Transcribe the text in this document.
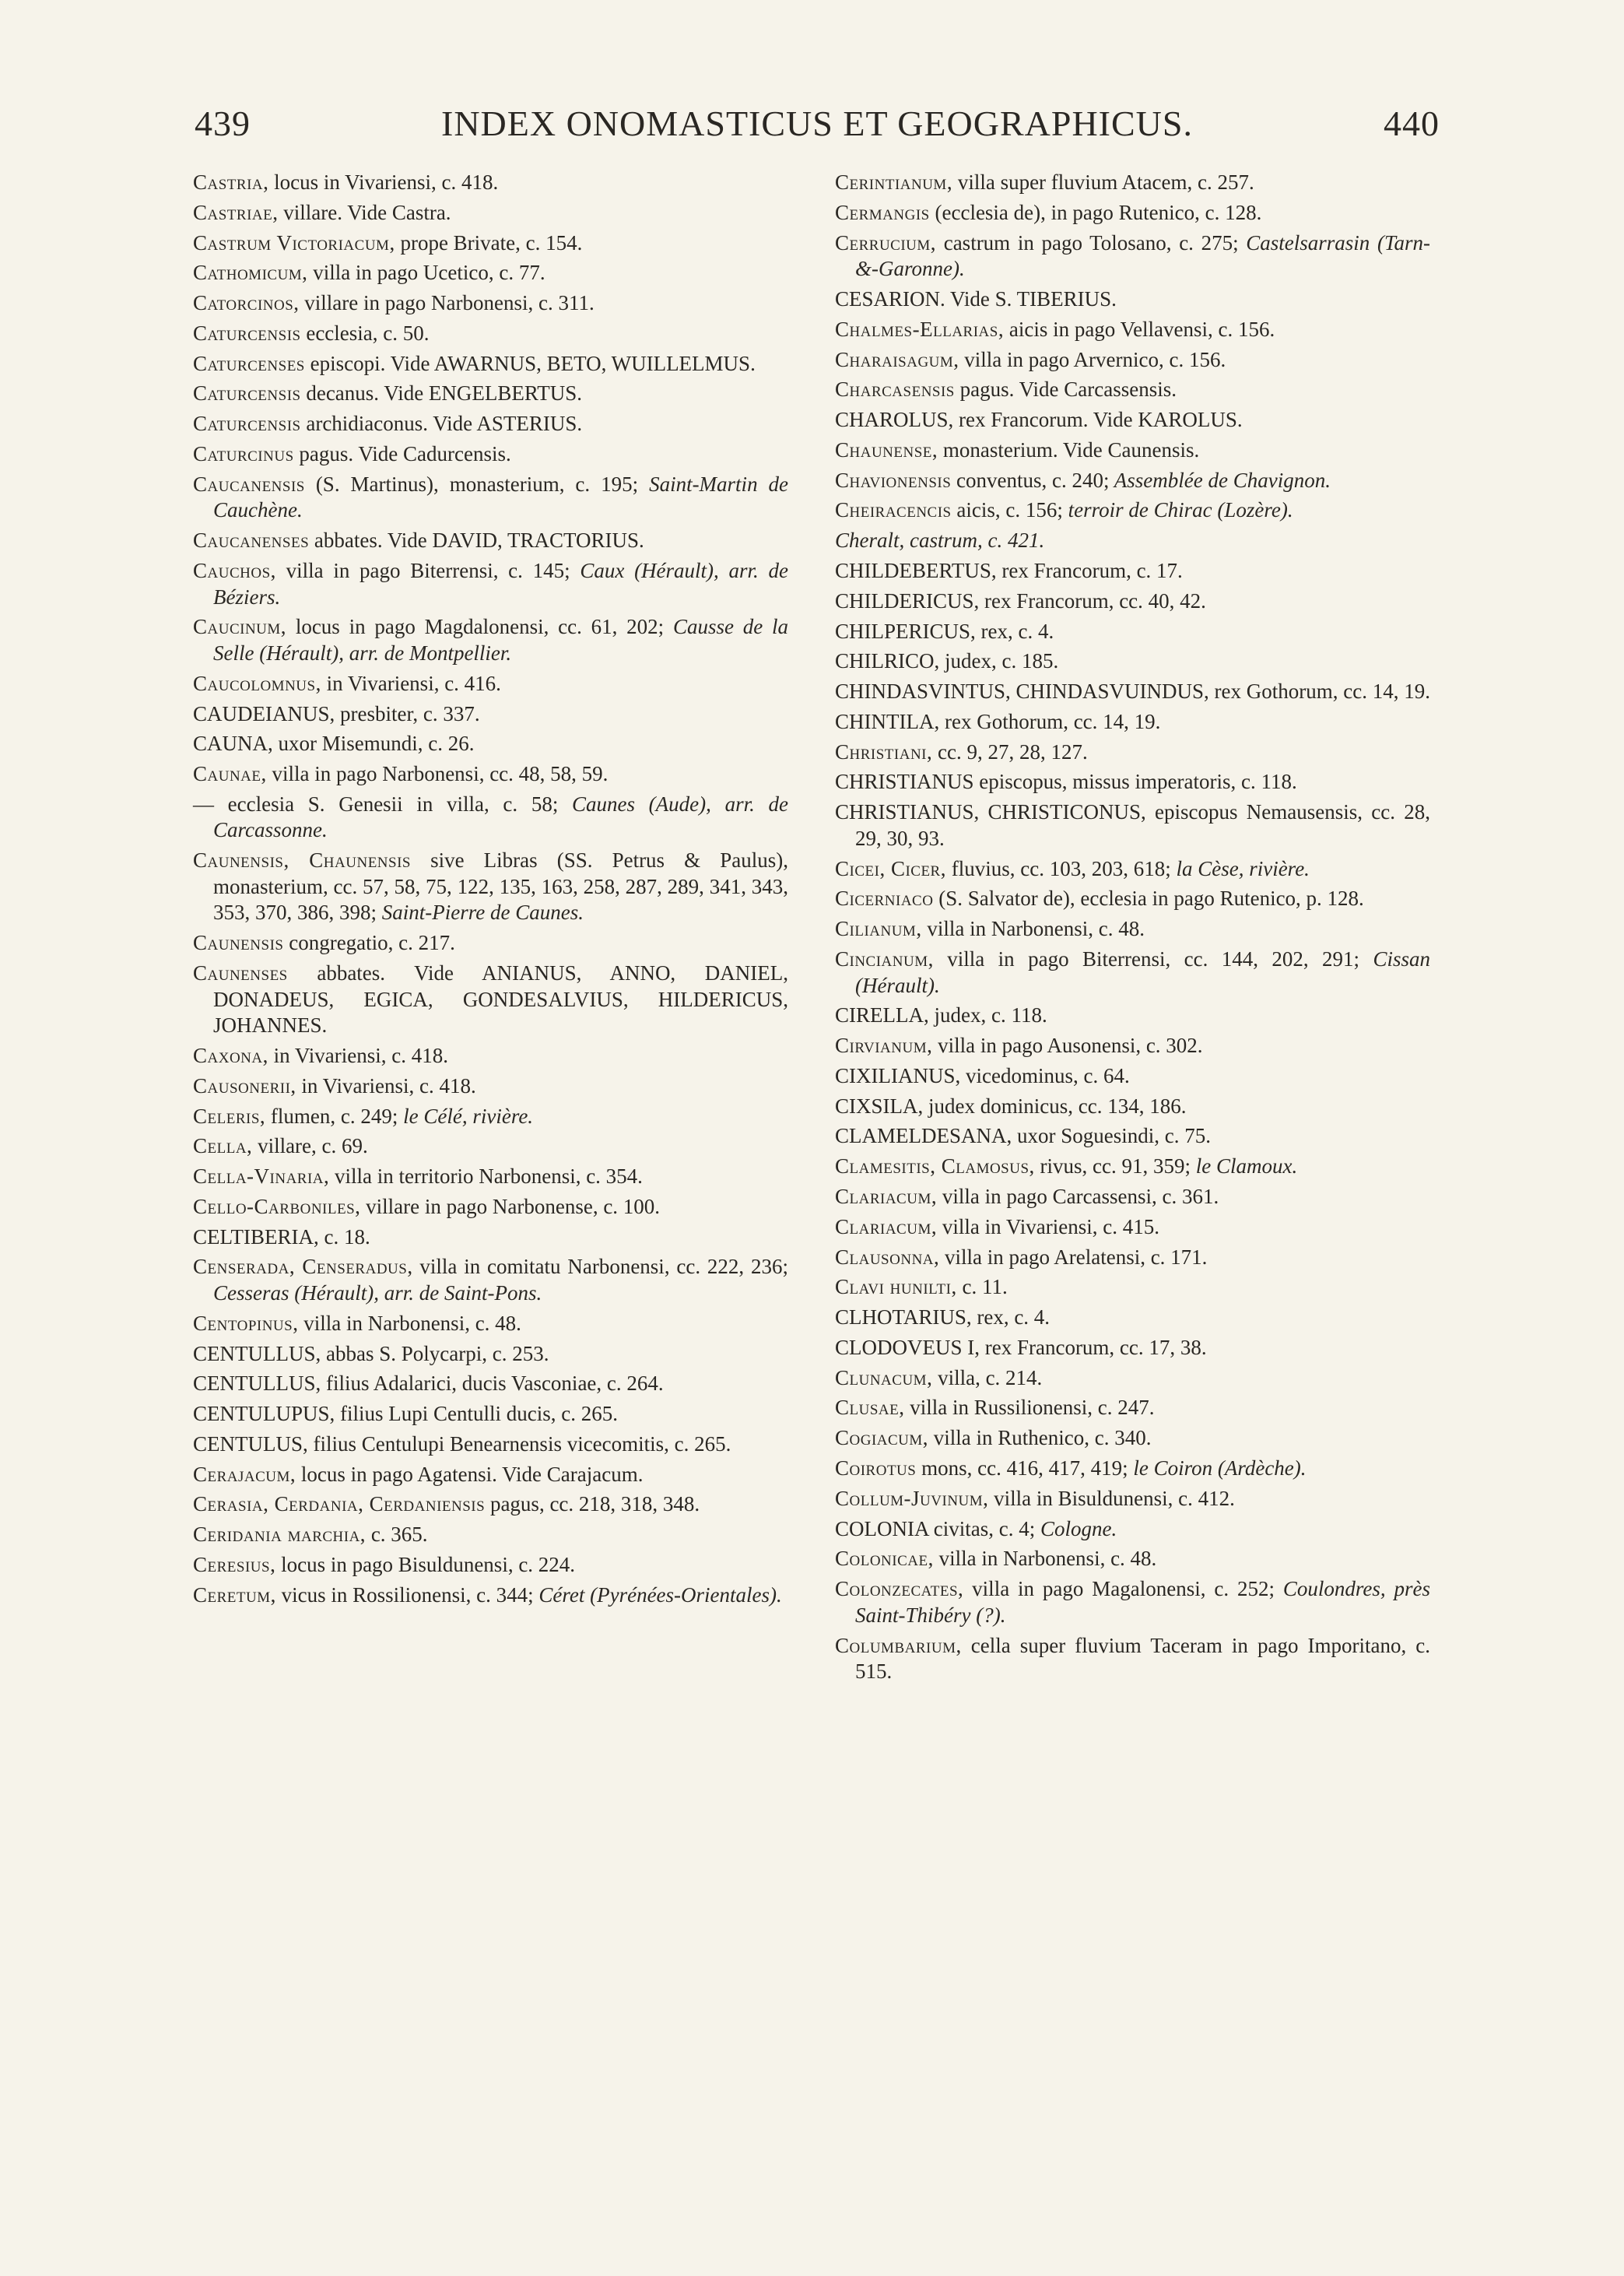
439	INDEX ONOMASTICUS ET GEOGRAPHICUS.	440
Castria, locus in Vivariensi, c. 418.
Castriae, villare. Vide Castra.
Castrum Victoriacum, prope Brivate, c. 154.
Cathomicum, villa in pago Ucetico, c. 77.
Catorcinos, villare in pago Narbonensi, c. 311.
Caturcensis ecclesia, c. 50.
Caturcenses episcopi. Vide AWARNUS, BETO, WUILLELMUS.
Caturcensis decanus. Vide ENGELBERTUS.
Caturcensis archidiaconus. Vide ASTERIUS.
Caturcinus pagus. Vide Cadurcensis.
Caucanensis (S. Martinus), monasterium, c. 195; Saint-Martin de Cauchène.
Caucanenses abbates. Vide DAVID, TRACTORIUS.
Cauchos, villa in pago Biterrensi, c. 145; Caux (Hérault), arr. de Béziers.
Caucinum, locus in pago Magdalonensi, cc. 61, 202; Causse de la Selle (Hérault), arr. de Montpellier.
Caucolomnus, in Vivariensi, c. 416.
CAUDEIANUS, presbiter, c. 337.
CAUNA, uxor Misemundi, c. 26.
Caunae, villa in pago Narbonensi, cc. 48, 58, 59.
— ecclesia S. Genesii in villa, c. 58; Caunes (Aude), arr. de Carcassonne.
Caunensis, Chaunensis sive Libras (SS. Petrus & Paulus), monasterium, cc. 57, 58, 75, 122, 135, 163, 258, 287, 289, 341, 343, 353, 370, 386, 398; Saint-Pierre de Caunes.
Caunensis congregatio, c. 217.
Caunenses abbates. Vide ANIANUS, ANNO, DANIEL, DONADEUS, EGICA, GONDESALVIUS, HILDERICUS, JOHANNES.
Caxona, in Vivariensi, c. 418.
Causonerii, in Vivariensi, c. 418.
Celeris, flumen, c. 249; le Célé, rivière.
Cella, villare, c. 69.
Cella-Vinaria, villa in territorio Narbonensi, c. 354.
Cello-Carboniles, villare in pago Narbonense, c. 100.
CELTIBERIA, c. 18.
Censerada, Censeradus, villa in comitatu Narbonensi, cc. 222, 236; Cesseras (Hérault), arr. de Saint-Pons.
Centopinus, villa in Narbonensi, c. 48.
CENTULLUS, abbas S. Polycarpi, c. 253.
CENTULLUS, filius Adalarici, ducis Vasconiae, c. 264.
CENTULUPUS, filius Lupi Centulli ducis, c. 265.
CENTULUS, filius Centulupi Benearnensis vicecomitis, c. 265.
Cerajacum, locus in pago Agatensi. Vide Carajacum.
Cerasia, Cerdania, Cerdaniensis pagus, cc. 218, 318, 348.
Ceridania marchia, c. 365.
Ceresius, locus in pago Bisuldunensi, c. 224.
Ceretum, vicus in Rossilionensi, c. 344; Céret (Pyrénées-Orientales).
Cerintianum, villa super fluvium Atacem, c. 257.
Cermangis (ecclesia de), in pago Rutenico, c. 128.
Cerrucium, castrum in pago Tolosano, c. 275; Castelsarrasin (Tarn-&-Garonne).
CESARION. Vide S. TIBERIUS.
Chalmes-Ellarias, aicis in pago Vellavensi, c. 156.
Charaisagum, villa in pago Arvernico, c. 156.
Charcasensis pagus. Vide Carcassensis.
CHAROLUS, rex Francorum. Vide KAROLUS.
Chaunense, monasterium. Vide Caunensis.
Chavionensis conventus, c. 240; Assemblée de Chavignon.
Cheiracencis aicis, c. 156; terroir de Chirac (Lozère).
Cheralt, castrum, c. 421.
CHILDEBERTUS, rex Francorum, c. 17.
CHILDERICUS, rex Francorum, cc. 40, 42.
CHILPERICUS, rex, c. 4.
CHILRICO, judex, c. 185.
CHINDASVINTUS, CHINDASVUINDUS, rex Gothorum, cc. 14, 19.
CHINTILA, rex Gothorum, cc. 14, 19.
Christiani, cc. 9, 27, 28, 127.
CHRISTIANUS episcopus, missus imperatoris, c. 118.
CHRISTIANUS, CHRISTICONUS, episcopus Nemausensis, cc. 28, 29, 30, 93.
Cicei, Cicer, fluvius, cc. 103, 203, 618; la Cèse, rivière.
Cicerniaco (S. Salvator de), ecclesia in pago Rutenico, p. 128.
Cilianum, villa in Narbonensi, c. 48.
Cincianum, villa in pago Biterrensi, cc. 144, 202, 291; Cissan (Hérault).
CIRELLA, judex, c. 118.
Cirvianum, villa in pago Ausonensi, c. 302.
CIXILIANUS, vicedominus, c. 64.
CIXSILA, judex dominicus, cc. 134, 186.
CLAMELDESANA, uxor Soguesindi, c. 75.
Clamesitis, Clamosus, rivus, cc. 91, 359; le Clamoux.
Clariacum, villa in pago Carcassensi, c. 361.
Clariacum, villa in Vivariensi, c. 415.
Clausonna, villa in pago Arelatensi, c. 171.
Clavi hunilti, c. 11.
CLHOTARIUS, rex, c. 4.
CLODOVEUS I, rex Francorum, cc. 17, 38.
Clunacum, villa, c. 214.
Clusae, villa in Russilionensi, c. 247.
Cogiacum, villa in Ruthenico, c. 340.
Coirotus mons, cc. 416, 417, 419; le Coiron (Ardèche).
Collum-Juvinum, villa in Bisuldunensi, c. 412.
COLONIA civitas, c. 4; Cologne.
Colonicae, villa in Narbonensi, c. 48.
Colonzecates, villa in pago Magalonensi, c. 252; Coulondres, près Saint-Thibéry (?).
Columbarium, cella super fluvium Taceram in pago Imporitano, c. 515.
